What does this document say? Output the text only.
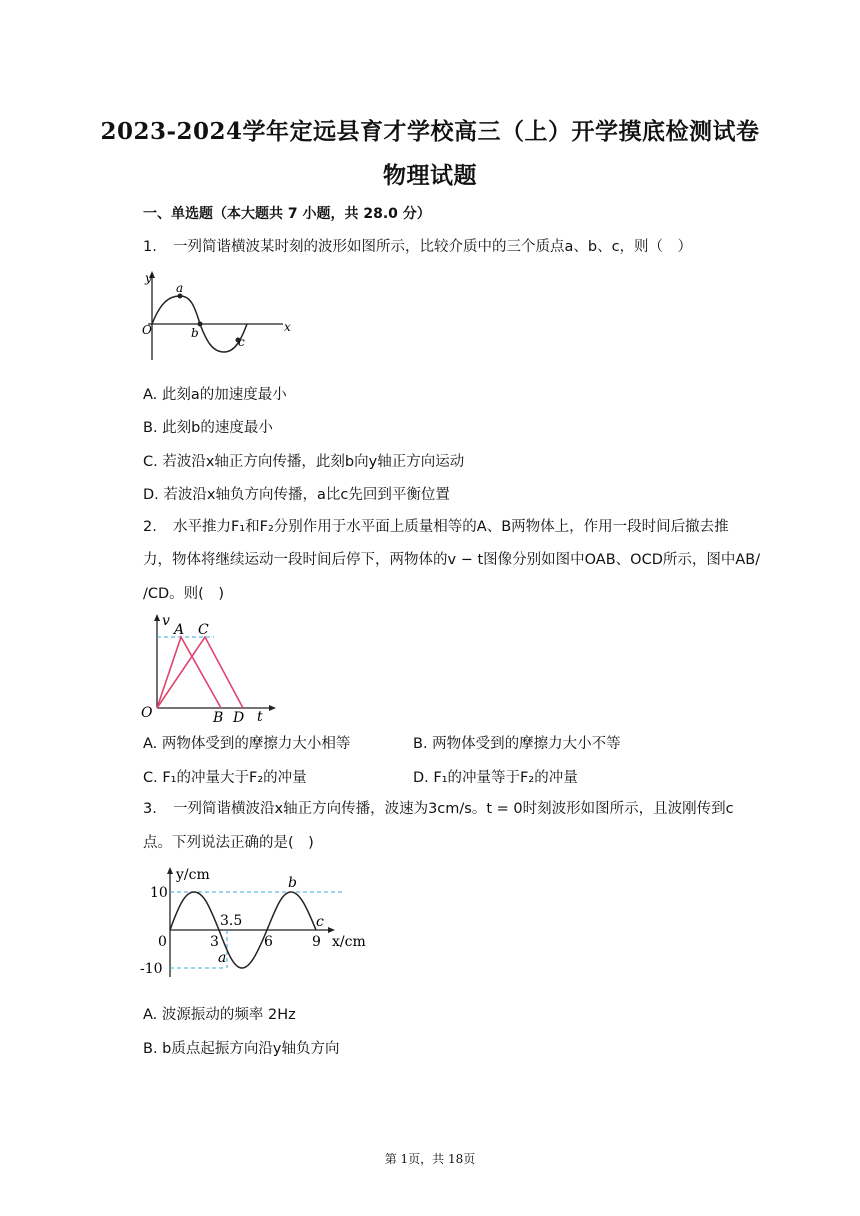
2023-2024学年定远县育才学校高三（上）开学摸底检测试卷
物理试题
一、单选题（本大题共 7 小题，共 28.0 分）
1. 一列简谐横波某时刻的波形如图所示，比较介质中的三个质点a、b、c，则（　）
y
x
O
a
b
c
A. 此刻a的加速度最小
B. 此刻b的速度最小
C. 若波沿x轴正方向传播，此刻b向y轴正方向运动
D. 若波沿x轴负方向传播，a比c先回到平衡位置
2. 水平推力F₁和F₂分别作用于水平面上质量相等的A、B两物体上，作用一段时间后撤去推
力，物体将继续运动一段时间后停下，两物体的v − t图像分别如图中OAB、OCD所示，图中AB/
/CD。则(　)
v
t
O
A C
B D
A. 两物体受到的摩擦力大小相等	B. 两物体受到的摩擦力大小不等
C. F₁的冲量大于F₂的冲量	D. F₁的冲量等于F₂的冲量
3. 一列简谐横波沿x轴正方向传播，波速为3cm/s。t = 0时刻波形如图所示，且波刚传到c
点。下列说法正确的是(　)
y/cm
x/cm
10
-10
0	3	6	9
3.5
a
b
c
A. 波源振动的频率 2Hz
B. b质点起振方向沿y轴负方向
第 1页，共 18页
